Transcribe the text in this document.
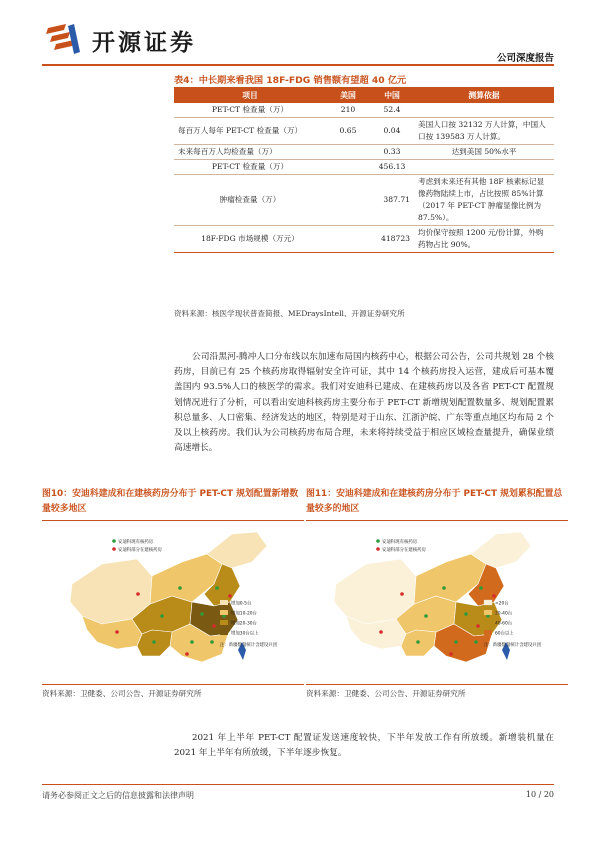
开源证券
公司深度报告
表4：中长期来看我国 18F-FDG 销售额有望超 40 亿元
项目	美国	中国	测算依据
PET-CT 检查量（万）	210	52.4	
每百万人每年 PET-CT 检查量（万）	0.65	0.04	美国人口按 32132 万人计算，中国人口按 139583 万人计算。
未来每百万人均检查量（万）		0.33	达到美国 50%水平
PET-CT 检查量（万）		456.13	
肿瘤检查量（万）		387.71	考虑到未来还有其他 18F 核素标记显像药物陆续上市，占比按照 85%计算（2017 年 PET-CT 肿瘤显像比例为 87.5%）。
18F-FDG 市场规模（万元）		418723	均价保守按照 1200 元/份计算，外购药物占比 90%。
资料来源：核医学现状普查简报、MEDraysIntell、开源证券研究所
公司沿黑河-腾冲人口分布线以东加速布局国内核药中心，根据公司公告，公司共规划 28 个核药房，目前已有 25 个核药房取得辐射安全许可证，其中 14 个核药房投入运营，建成后可基本覆盖国内 93.5%人口的核医学的需求。我们对安迪科已建成、在建核药房以及各省 PET-CT 配置规划情况进行了分析，可以看出安迪科核药房主要分布于 PET-CT 新增规划配置数量多、规划配置累积总量多、人口密集、经济发达的地区，特别是对于山东、江浙沪皖、广东等重点地区均布局 2 个及以上核药房。我们认为公司核药房布局合理，未来将持续受益于相应区域检查量提升，确保业绩高速增长。
图10：安迪科建成和在建核药房分布于 PET-CT 规划配置新增数量较多地区
安迪科现有核药房
安迪科部分在建核药房
增加0-5台
增加10-20台
增加20-30台
增加30台以上
注：新疆数量统计含建设兵团
资料来源：卫健委、公司公告、开源证券研究所
图11：安迪科建成和在建核药房分布于 PET-CT 规划累积配置总量较多的地区
安迪科现有核药房
安迪科部分在建核药房
<20台
20-40台
40-60台
60台以上
注：新疆数量统计含建设兵团
资料来源：卫健委、公司公告、开源证券研究所
2021 年上半年 PET-CT 配置证发送速度较快，下半年发放工作有所放缓。新增装机量在 2021 年上半年有所放缓，下半年逐步恢复。
请务必参阅正文之后的信息披露和法律声明	10 / 20
